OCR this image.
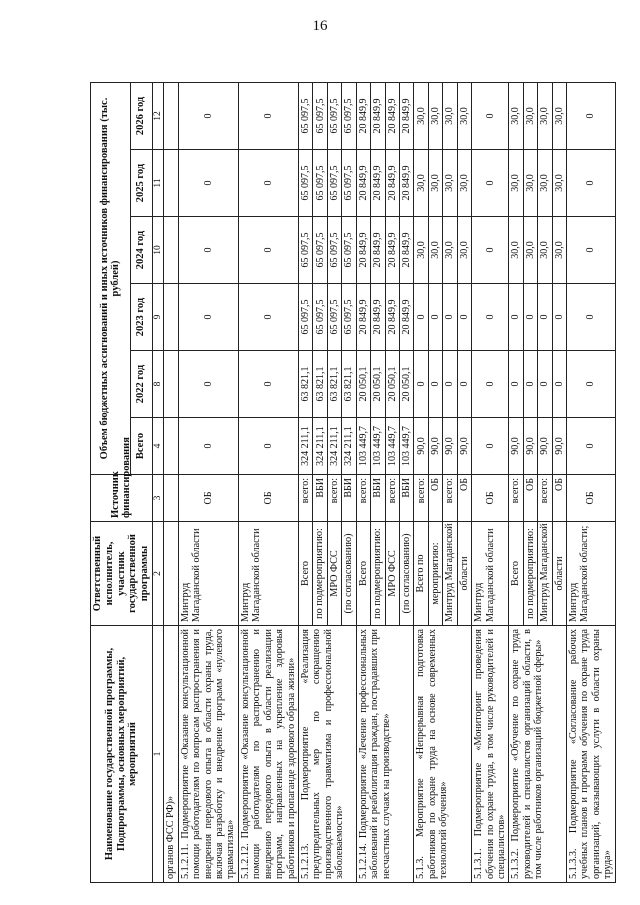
16
Наименование государственной программы, Подпрограммы, основных мероприятий, мероприятий	Ответственный исполнитель, участник государственной программы	Источник финансирования	Объем бюджетных ассигнований и иных источников финансирования (тыс. рублей)					
			Всего	2022 год	2023 год	2024 год	2025 год	2026 год
1	2	3	4	8	9	10	11	12
органов ФСС РФ)»								
5.1.2.11. Подмероприятие «Оказание консультационной помощи работодателям по вопросам распространения и внедрения передового опыта в области охраны труда, включая разработку и внедрение программ «нулевого травматизма»	Минтруд Магаданской области	ОБ	0	0	0	0	0	0
5.1.2.12. Подмероприятие «Оказание консультационной помощи работодателям по распространению и внедрению передового опыта в области реализации программ, направленных на укрепление здоровья работников и пропаганде здорового образа жизни»	Минтруд Магаданской области	ОБ	0	0	0	0	0	0
5.1.2.13. Подмероприятие «Реализация предупредительных мер по сокращению производственного травматизма и профессиональной заболеваемости»	Всего	всего:	324 211,1	63 821,1	65 097,5	65 097,5	65 097,5	65 097,5
	по подмероприятию:	ВБИ	324 211,1	63 821,1	65 097,5	65 097,5	65 097,5	65 097,5
	МРО ФСС	всего:	324 211,1	63 821,1	65 097,5	65 097,5	65 097,5	65 097,5
	(по согласованию)	ВБИ	324 211,1	63 821,1	65 097,5	65 097,5	65 097,5	65 097,5
5.1.2.14. Подмероприятие «Лечение профессиональных заболеваний и реабилитация граждан, пострадавших при несчастных случаях на производстве»	Всего	всего:	103 449,7	20 050,1	20 849,9	20 849,9	20 849,9	20 849,9
	по подмероприятию:	ВБИ	103 449,7	20 050,1	20 849,9	20 849,9	20 849,9	20 849,9
	МРО ФСС	всего:	103 449,7	20 050,1	20 849,9	20 849,9	20 849,9	20 849,9
	(по согласованию)	ВБИ	103 449,7	20 050,1	20 849,9	20 849,9	20 849,9	20 849,9
5.1.3. Мероприятие «Непрерывная подготовка работников по охране труда на основе современных технологий обучения»	Всего по	всего:	90,0	0	0	30,0	30,0	30,0
	мероприятию:	ОБ	90,0	0	0	30,0	30,0	30,0
	Минтруд Магаданской	всего:	90,0	0	0	30,0	30,0	30,0
	области	ОБ	90,0	0	0	30,0	30,0	30,0
5.1.3.1. Подмероприятие «Мониторинг проведения обучения по охране труда, в том числе руководителей и специалистов»	Минтруд Магаданской области	ОБ	0	0	0	0	0	0
5.1.3.2. Подмероприятие «Обучение по охране труда руководителей и специалистов организаций области, в том числе работников организаций бюджетной сферы»	Всего	всего:	90,0	0	0	30,0	30,0	30,0
	по подмероприятию:	ОБ	90,0	0	0	30,0	30,0	30,0
	Минтруд Магаданской	всего:	90,0	0	0	30,0	30,0	30,0
	области	ОБ	90,0	0	0	30,0	30,0	30,0
5.1.3.3. Подмероприятие «Согласование рабочих учебных планов и программ обучения по охране труда организаций, оказывающих услуги в области охраны труда»	Минтруд Магаданской области;	ОБ	0	0	0	0	0	0
